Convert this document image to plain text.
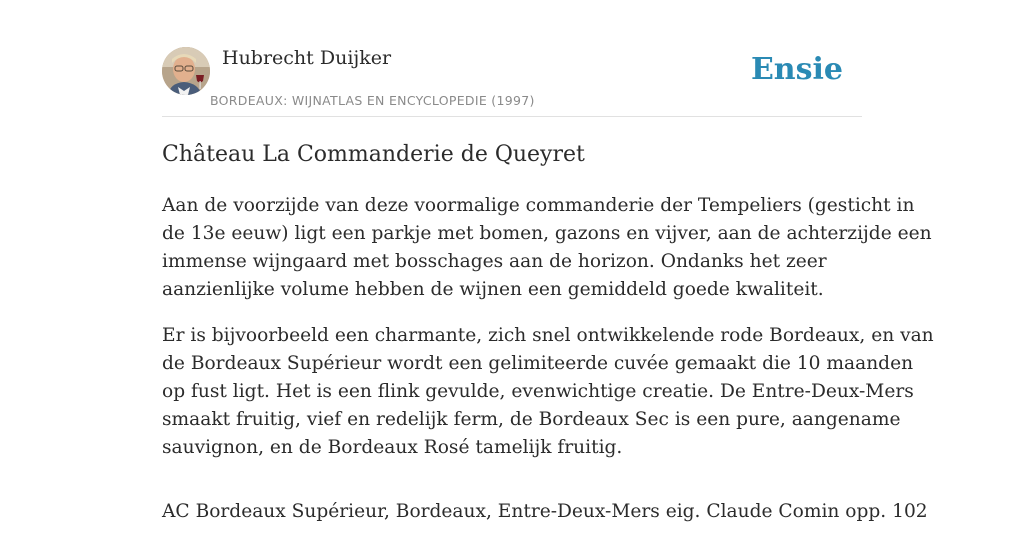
Hubrecht Duijker
BORDEAUX: WIJNATLAS EN ENCYCLOPEDIE (1997)
Ensie
Château La Commanderie de Queyret

Aan de voorzijde van deze voormalige commanderie der Tempeliers (gesticht in
de 13e eeuw) ligt een parkje met bomen, gazons en vijver, aan de achterzijde een
immense wijngaard met bosschages aan de horizon. Ondanks het zeer
aanzienlijke volume hebben de wijnen een gemiddeld goede kwaliteit.

Er is bijvoorbeeld een charmante, zich snel ontwikkelende rode Bordeaux, en van
de Bordeaux Supérieur wordt een gelimiteerde cuvée gemaakt die 10 maanden
op fust ligt. Het is een flink gevulde, evenwichtige creatie. De Entre-Deux-Mers
smaakt fruitig, vief en redelijk ferm, de Bordeaux Sec is een pure, aangename
sauvignon, en de Bordeaux Rosé tamelijk fruitig.

AC Bordeaux Supérieur, Bordeaux, Entre-Deux-Mers eig. Claude Comin opp. 102
